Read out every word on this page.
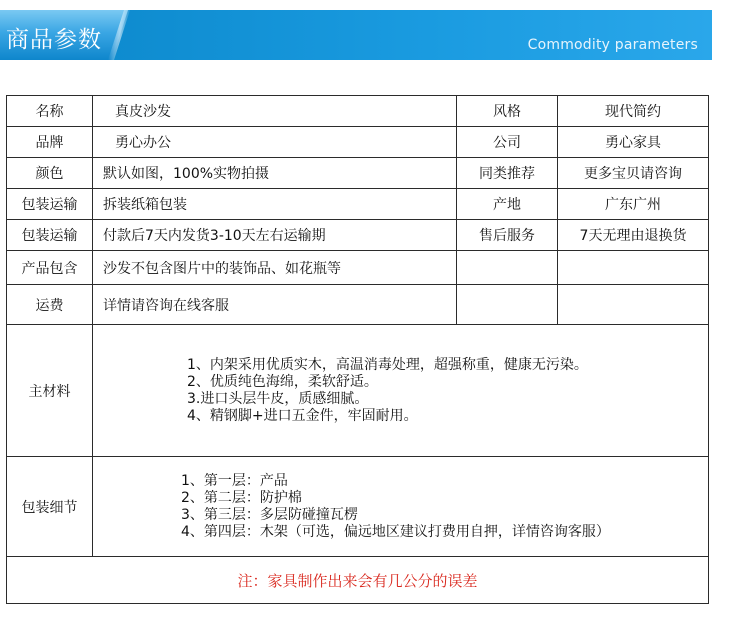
商品参数	Commodity parameters
名称	真皮沙发	风格	现代简约
品牌	勇心办公	公司	勇心家具
颜色	默认如图，100%实物拍摄	同类推荐	更多宝贝请咨询
包装运输	拆装纸箱包装	产地	广东广州
包装运输	付款后7天内发货3-10天左右运输期	售后服务	7天无理由退换货
产品包含	沙发不包含图片中的装饰品、如花瓶等		
运费	详情请咨询在线客服		
主材料	1、内架采用优质实木，高温消毒处理，超强称重，健康无污染。
2、优质纯色海绵，柔软舒适。
3.进口头层牛皮，质感细腻。
4、精钢脚+进口五金件，牢固耐用。		

包装细节	1、第一层：产品
2、第二层：防护棉
3、第三层：多层防碰撞瓦楞
4、第四层：木架（可选，偏远地区建议打费用自押，详情咨询客服）		

注：家具制作出来会有几公分的误差			
